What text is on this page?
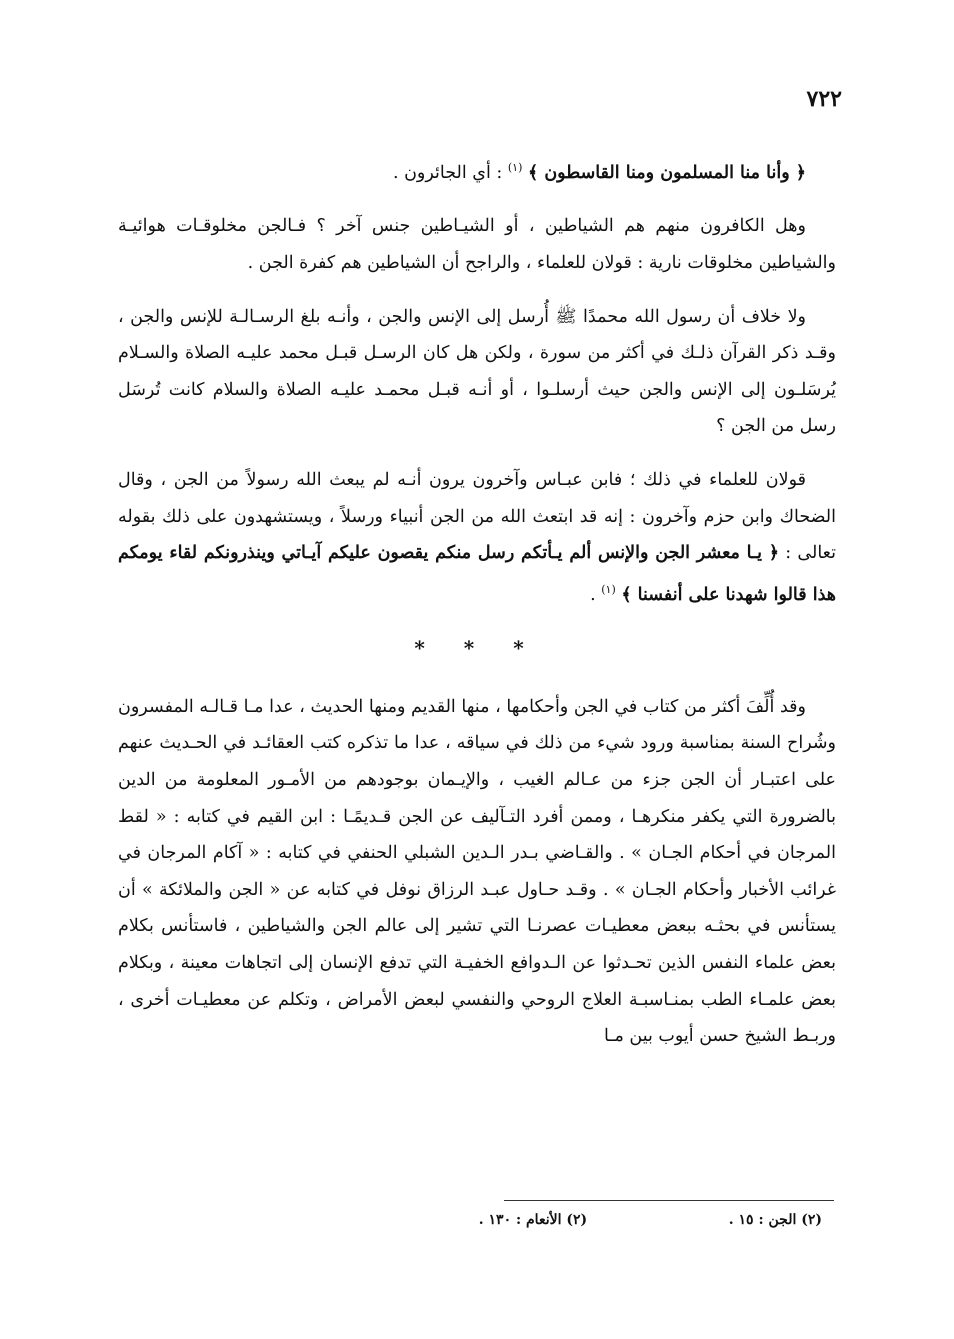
٧٢٢

﴿ وأنا منا المسلمون ومنا القاسطون ﴾ $^{(١)}$ : أي الجائرون .

وهل الكافرون منهم هم الشياطين ، أو الشيـاطين جنس آخر ؟ فـالجن مخلوقـات هوائيـة والشياطين مخلوقات نارية : قولان للعلماء ، والراجح أن الشياطين هم كفرة الجن .

ولا خلاف أن رسول الله محمدًا ﷺ أُرسل إلى الإنس والجن ، وأنـه بلغ الرسـالـة للإنس والجن ، وقـد ذكر القرآن ذلـك في أكثر من سورة ، ولكن هل كان الرسـل قبـل محمد عليـه الصلاة والسـلام يُرسَلـون إلى الإنس والجن حيث أرسلـوا ، أو أنـه قبـل محمـد عليـه الصلاة والسلام كانت تُرسَل رسل من الجن ؟

قولان للعلماء في ذلك ؛ فابن عبـاس وآخرون يرون أنـه لم يبعث الله رسولاً من الجن ، وقال الضحاك وابن حزم وآخرون : إنه قد ابتعث الله من الجن أنبياء ورسلاً ، ويستشهدون على ذلك بقوله تعالى : ﴿ يـا معشر الجن والإنس ألم يـأتكم رسل منكم يقصون عليكم آيـاتي وينذرونكم لقاء يومكم هذا قالوا شهدنا على أنفسنا ﴾ $^{(١)}$ .

* * *

وقد أُلِّفَ أكثر من كتاب في الجن وأحكامها ، منها القديم ومنها الحديث ، عدا مـا قـالـه المفسرون وشُراح السنة بمناسبة ورود شيء من ذلك في سياقه ، عدا ما تذكره كتب العقائـد في الحـديث عنهم على اعتبـار أن الجن جزء من عـالم الغيب ، والإيـمان بوجودهم من الأمـور المعلومة من الدين بالضرورة التي يكفر منكرهـا ، وممن أفرد التـآليف عن الجن قـديمًـا : ابن القيم في كتابه : « لقط المرجان في أحكام الجـان » . والقـاضي بـدر الـدين الشبلي الحنفي في كتابه : « آكام المرجان في غرائب الأخبار وأحكام الجـان » . وقـد حـاول عبـد الرزاق نوفل في كتابه عن « الجن والملائكة » أن يستأنس في بحثـه ببعض معطيـات عصرنـا التي تشير إلى عالم الجن والشياطين ، فاستأنس بكلام بعض علماء النفس الذين تحـدثوا عن الـدوافع الخفيـة التي تدفع الإنسان إلى اتجاهات معينة ، وبكلام بعض علمـاء الطب بمنـاسبـة العلاج الروحي والنفسي لبعض الأمراض ، وتكلم عن معطيـات أخرى ، وربـط الشيخ حسن أيوب بين مـا

(٢) الجن : ١٥ . (٢) الأنعام : ١٣٠ .
